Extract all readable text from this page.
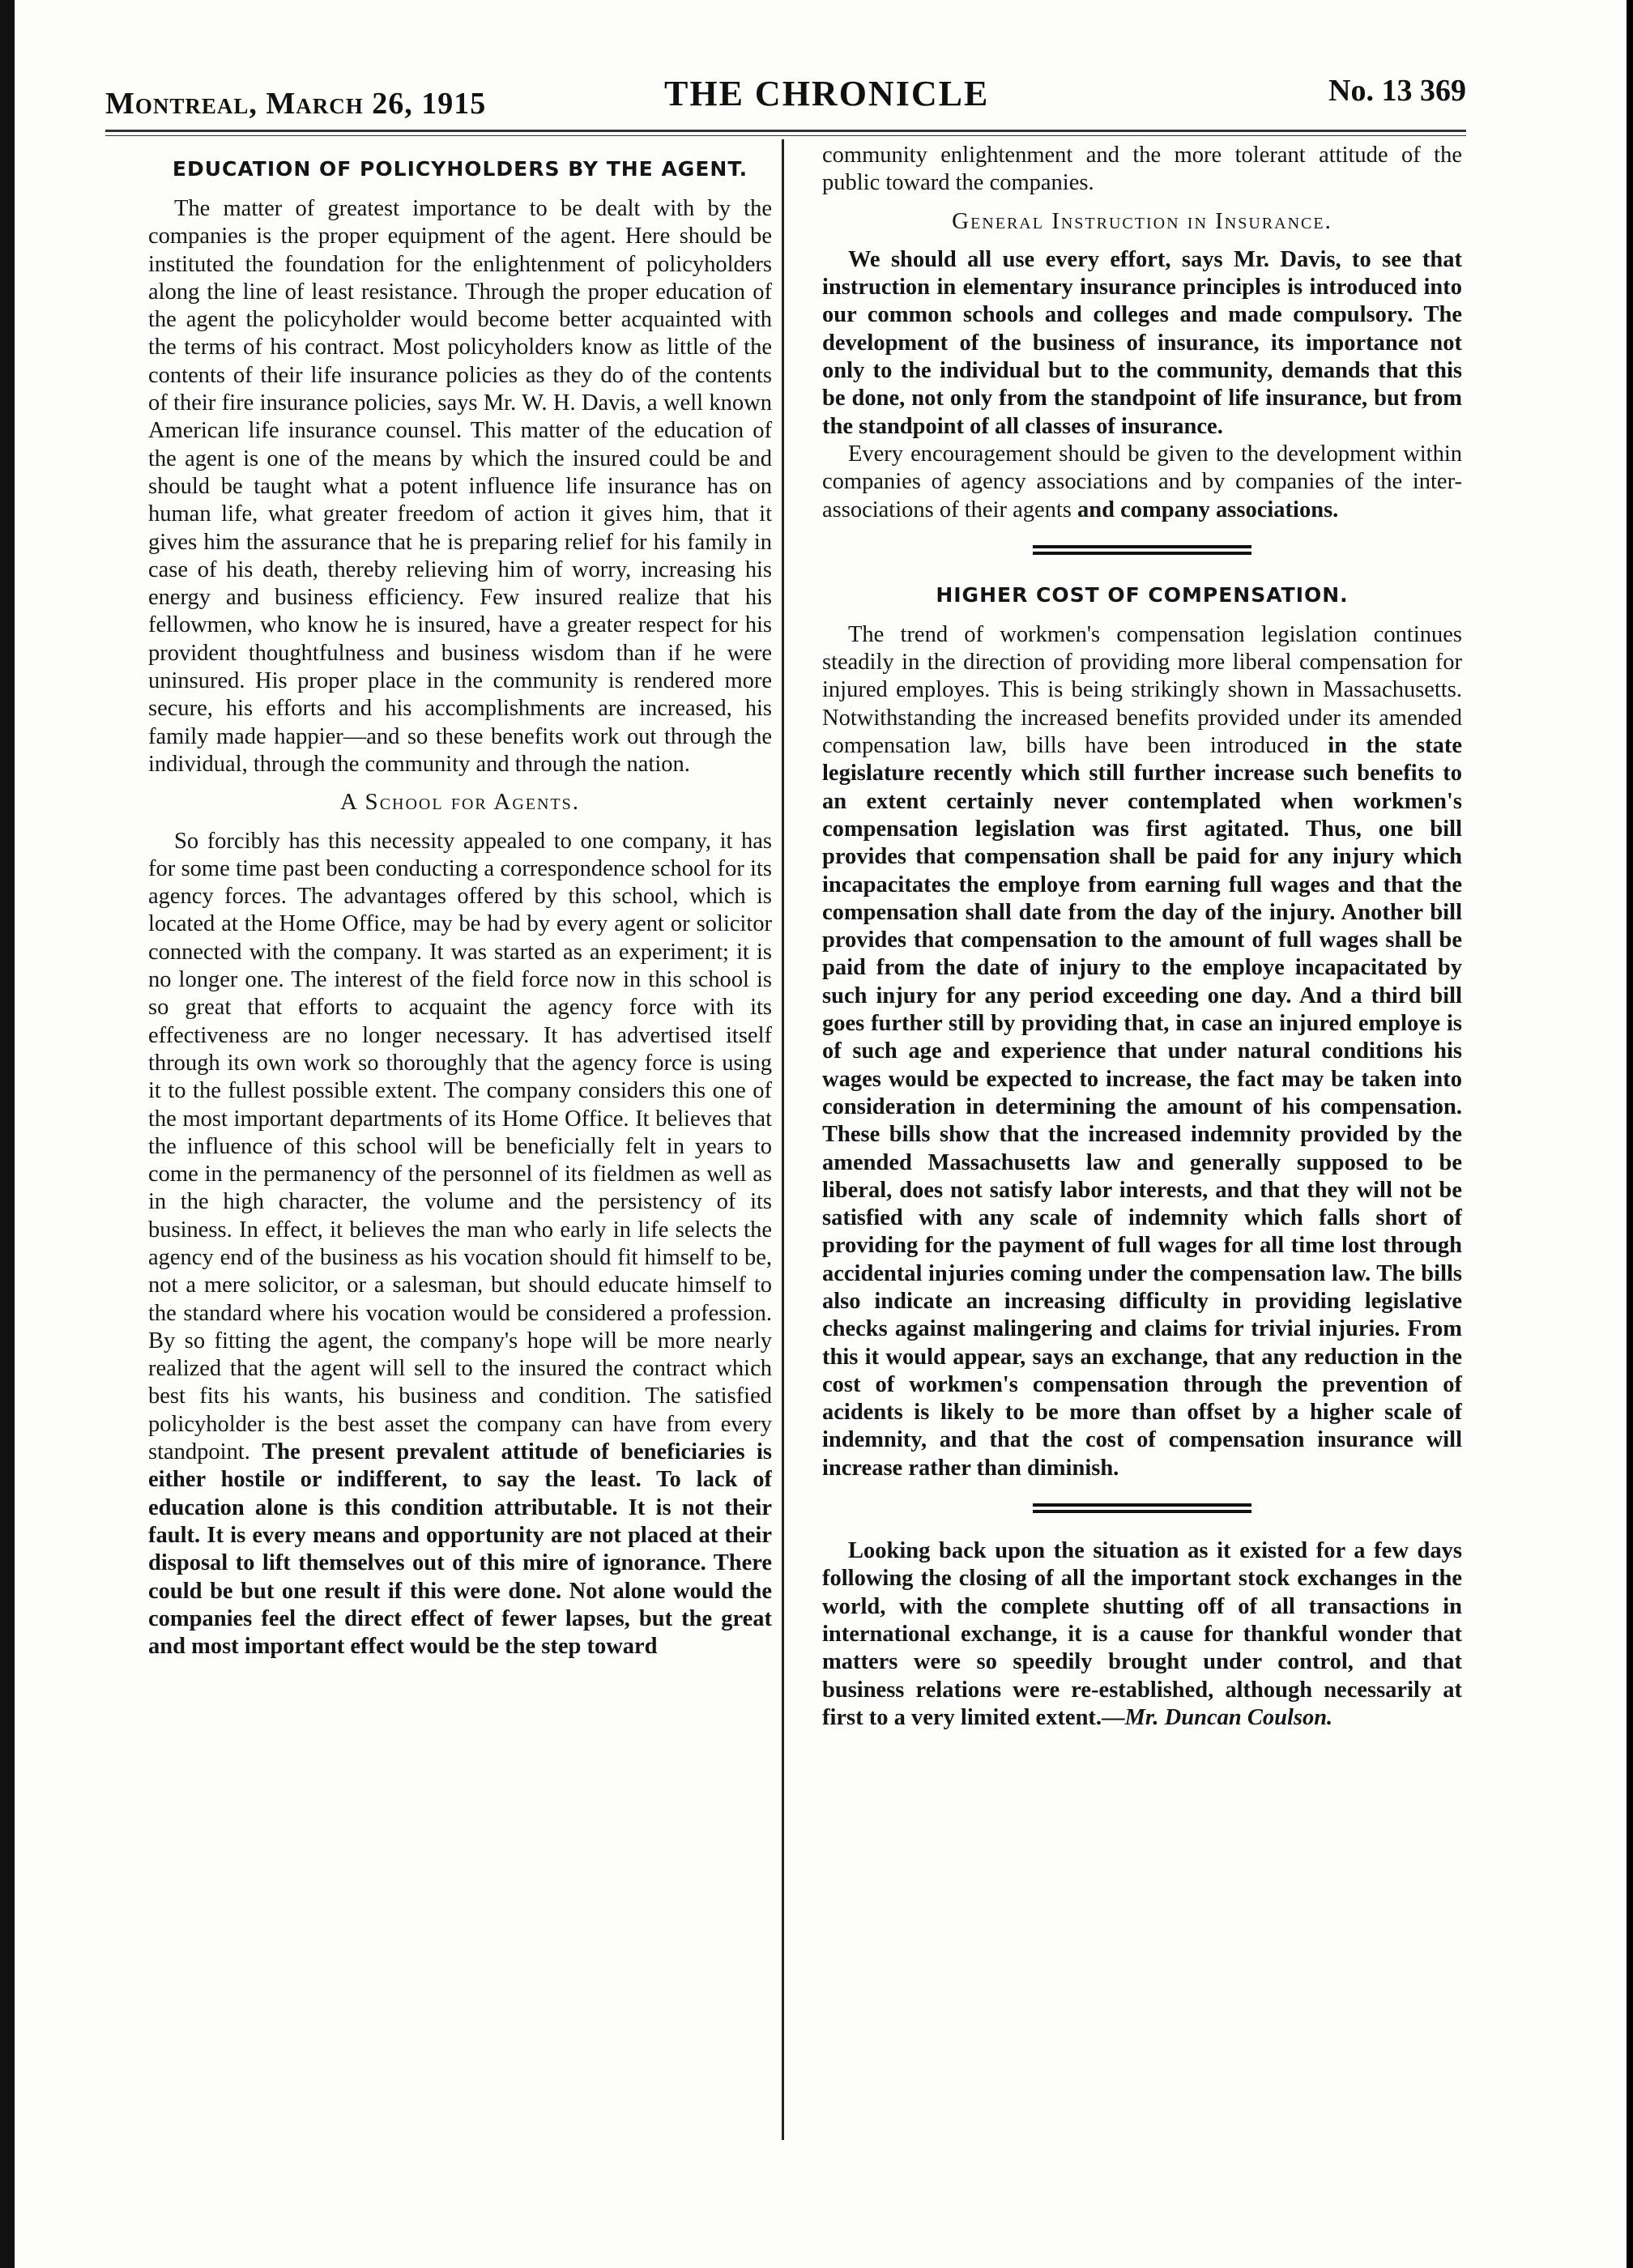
Montreal, March 26, 1915	THE CHRONICLE	No. 13 369
EDUCATION OF POLICYHOLDERS BY THE AGENT.

The matter of greatest importance to be dealt with by the companies is the proper equipment of the agent. Here should be instituted the foundation for the enlightenment of policyholders along the line of least resistance. Through the proper education of the agent the policyholder would become better acquainted with the terms of his contract. Most policyholders know as little of the contents of their life insurance policies as they do of the contents of their fire insurance policies, says Mr. W. H. Davis, a well known American life insurance counsel. This matter of the education of the agent is one of the means by which the insured could be and should be taught what a potent influence life insurance has on human life, what greater freedom of action it gives him, that it gives him the assurance that he is preparing relief for his family in case of his death, thereby relieving him of worry, increasing his energy and business efficiency. Few insured realize that his fellowmen, who know he is insured, have a greater respect for his provident thoughtfulness and business wisdom than if he were uninsured. His proper place in the community is rendered more secure, his efforts and his accomplishments are increased, his family made happier—and so these benefits work out through the individual, through the community and through the nation.

A School for Agents.

So forcibly has this necessity appealed to one company, it has for some time past been conducting a correspondence school for its agency forces. The advantages offered by this school, which is located at the Home Office, may be had by every agent or solicitor connected with the company. It was started as an experiment; it is no longer one. The interest of the field force now in this school is so great that efforts to acquaint the agency force with its effectiveness are no longer necessary. It has advertised itself through its own work so thoroughly that the agency force is using it to the fullest possible extent. The company considers this one of the most important departments of its Home Office. It believes that the influence of this school will be beneficially felt in years to come in the permanency of the personnel of its fieldmen as well as in the high character, the volume and the persistency of its business. In effect, it believes the man who early in life selects the agency end of the business as his vocation should fit himself to be, not a mere solicitor, or a salesman, but should educate himself to the standard where his vocation would be considered a profession. By so fitting the agent, the company's hope will be more nearly realized that the agent will sell to the insured the contract which best fits his wants, his business and condition. The satisfied policyholder is the best asset the company can have from every standpoint. The present prevalent attitude of beneficiaries is either hostile or indifferent, to say the least. To lack of education alone is this condition attributable. It is not their fault. It is every means and opportunity are not placed at their disposal to lift themselves out of this mire of ignorance. There could be but one result if this were done. Not alone would the companies feel the direct effect of fewer lapses, but the great and most important effect would be the step toward

community enlightenment and the more tolerant attitude of the public toward the companies.

General Instruction in Insurance.

We should all use every effort, says Mr. Davis, to see that instruction in elementary insurance principles is introduced into our common schools and colleges and made compulsory. The development of the business of insurance, its importance not only to the individual but to the community, demands that this be done, not only from the standpoint of life insurance, but from the standpoint of all classes of insurance.

Every encouragement should be given to the development within companies of agency associations and by companies of the inter-associations of their agents and company associations.

HIGHER COST OF COMPENSATION.

The trend of workmen's compensation legislation continues steadily in the direction of providing more liberal compensation for injured employes. This is being strikingly shown in Massachusetts. Notwithstanding the increased benefits provided under its amended compensation law, bills have been introduced in the state legislature recently which still further increase such benefits to an extent certainly never contemplated when workmen's compensation legislation was first agitated. Thus, one bill provides that compensation shall be paid for any injury which incapacitates the employe from earning full wages and that the compensation shall date from the day of the injury. Another bill provides that compensation to the amount of full wages shall be paid from the date of injury to the employe incapacitated by such injury for any period exceeding one day. And a third bill goes further still by providing that, in case an injured employe is of such age and experience that under natural conditions his wages would be expected to increase, the fact may be taken into consideration in determining the amount of his compensation. These bills show that the increased indemnity provided by the amended Massachusetts law and generally supposed to be liberal, does not satisfy labor interests, and that they will not be satisfied with any scale of indemnity which falls short of providing for the payment of full wages for all time lost through accidental injuries coming under the compensation law. The bills also indicate an increasing difficulty in providing legislative checks against malingering and claims for trivial injuries. From this it would appear, says an exchange, that any reduction in the cost of workmen's compensation through the prevention of acidents is likely to be more than offset by a higher scale of indemnity, and that the cost of compensation insurance will increase rather than diminish.

Looking back upon the situation as it existed for a few days following the closing of all the important stock exchanges in the world, with the complete shutting off of all transactions in international exchange, it is a cause for thankful wonder that matters were so speedily brought under control, and that business relations were re-established, although necessarily at first to a very limited extent.—Mr. Duncan Coulson.
